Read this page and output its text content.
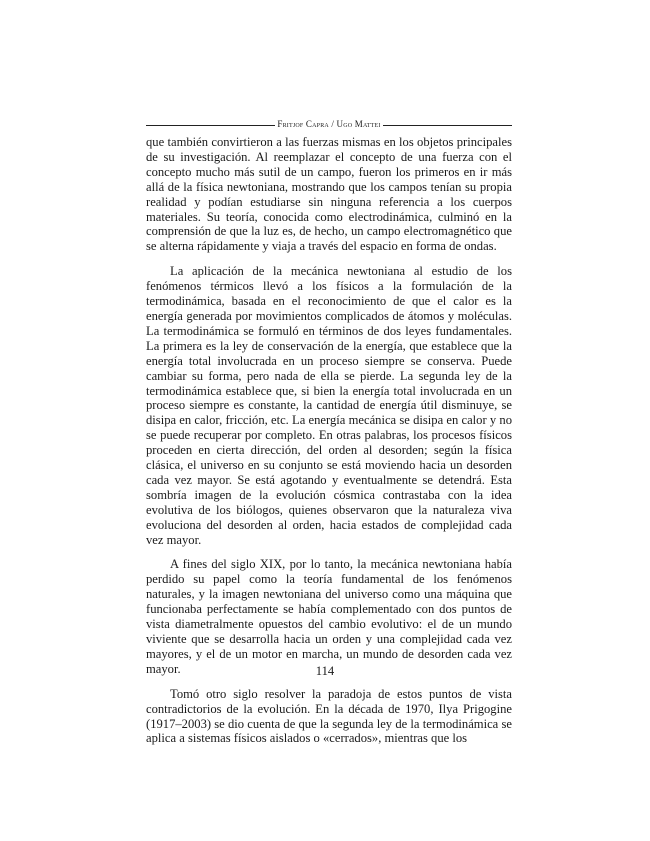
Fritjof Capra / Ugo Mattei

que también convirtieron a las fuerzas mismas en los objetos principales de su investigación. Al reemplazar el concepto de una fuerza con el concepto mucho más sutil de un campo, fueron los primeros en ir más allá de la física newtoniana, mostrando que los campos tenían su propia realidad y podían estudiarse sin ninguna referencia a los cuerpos materiales. Su teoría, conocida como electrodinámica, culminó en la comprensión de que la luz es, de hecho, un campo electromagnético que se alterna rápidamente y viaja a través del espacio en forma de ondas.

La aplicación de la mecánica newtoniana al estudio de los fenómenos térmicos llevó a los físicos a la formulación de la termodinámica, basada en el reconocimiento de que el calor es la energía generada por movimientos complicados de átomos y moléculas. La termodinámica se formuló en términos de dos leyes fundamentales. La primera es la ley de conservación de la energía, que establece que la energía total involucrada en un proceso siempre se conserva. Puede cambiar su forma, pero nada de ella se pierde. La segunda ley de la termodinámica establece que, si bien la energía total involucrada en un proceso siempre es constante, la cantidad de energía útil disminuye, se disipa en calor, fricción, etc. La energía mecánica se disipa en calor y no se puede recuperar por completo. En otras palabras, los procesos físicos proceden en cierta dirección, del orden al desorden; según la física clásica, el universo en su conjunto se está moviendo hacia un desorden cada vez mayor. Se está agotando y eventualmente se detendrá. Esta sombría imagen de la evolución cósmica contrastaba con la idea evolutiva de los biólogos, quienes observaron que la naturaleza viva evoluciona del desorden al orden, hacia estados de complejidad cada vez mayor.

A fines del siglo XIX, por lo tanto, la mecánica newtoniana había perdido su papel como la teoría fundamental de los fenómenos naturales, y la imagen newtoniana del universo como una máquina que funcionaba perfectamente se había complementado con dos puntos de vista diametralmente opuestos del cambio evolutivo: el de un mundo viviente que se desarrolla hacia un orden y una complejidad cada vez mayores, y el de un motor en marcha, un mundo de desorden cada vez mayor.

Tomó otro siglo resolver la paradoja de estos puntos de vista contradictorios de la evolución. En la década de 1970, Ilya Prigogine (1917–2003) se dio cuenta de que la segunda ley de la termodinámica se aplica a sistemas físicos aislados o «cerrados», mientras que los

114
